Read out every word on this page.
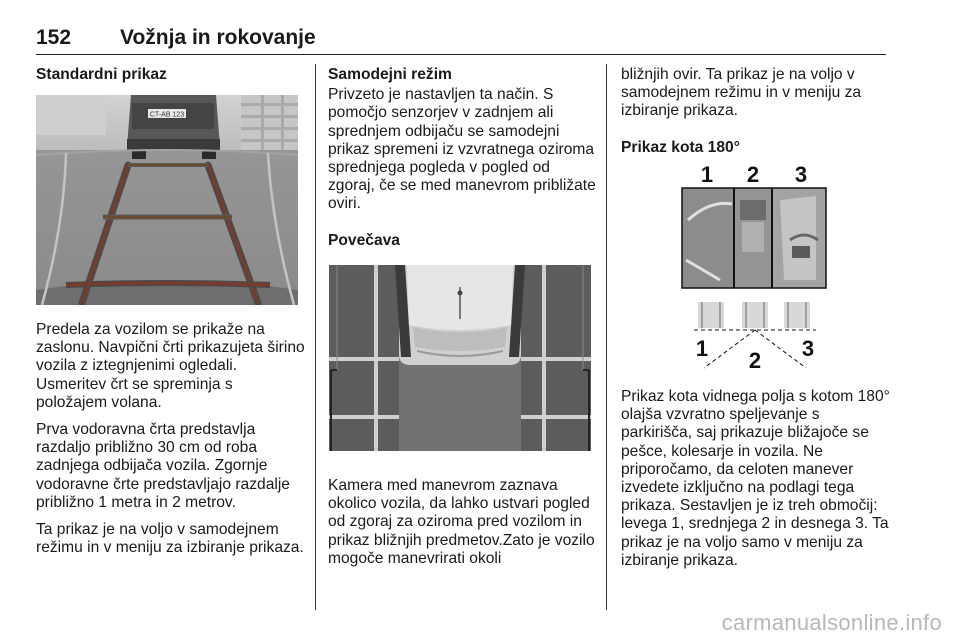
152 Vožnja in rokovanje
Standardni prikaz
CT-AB 123

Predela za vozilom se prikaže na zaslonu. Navpični črti prikazujeta širino vozila z iztegnjenimi ogledali. Usmeritev črt se spreminja s položajem volana.

Prva vodoravna črta predstavlja razdaljo približno 30 cm od roba zadnjega odbijača vozila. Zgornje vodoravne črte predstavljajo razdalje približno 1 metra in 2 metrov.

Ta prikaz je na voljo v samodejnem režimu in v meniju za izbiranje prikaza.

Samodejni režim

Privzeto je nastavljen ta način. S pomočjo senzorjev v zadnjem ali sprednjem odbijaču se samodejni prikaz spremeni iz vzvratnega oziroma sprednjega pogleda v pogled od zgoraj, če se med manevrom približate oviri.

Povečava

Kamera med manevrom zaznava okolico vozila, da lahko ustvari pogled od zgoraj za oziroma pred vozilom in prikaz bližnjih predmetov.Zato je vozilo mogoče manevrirati okoli

bližnjih ovir. Ta prikaz je na voljo v samodejnem režimu in v meniju za izbiranje prikaza.

Prikaz kota 180°
1 2 3
1 2 3

Prikaz kota vidnega polja s kotom 180° olajša vzvratno speljevanje s parkirišča, saj prikazuje bližajoče se pešce, kolesarje in vozila. Ne priporočamo, da celoten manever izvedete izključno na podlagi tega prikaza. Sestavljen je iz treh območij: levega 1, srednjega 2 in desnega 3. Ta prikaz je na voljo samo v meniju za izbiranje prikaza.

carmanualsonline.info
